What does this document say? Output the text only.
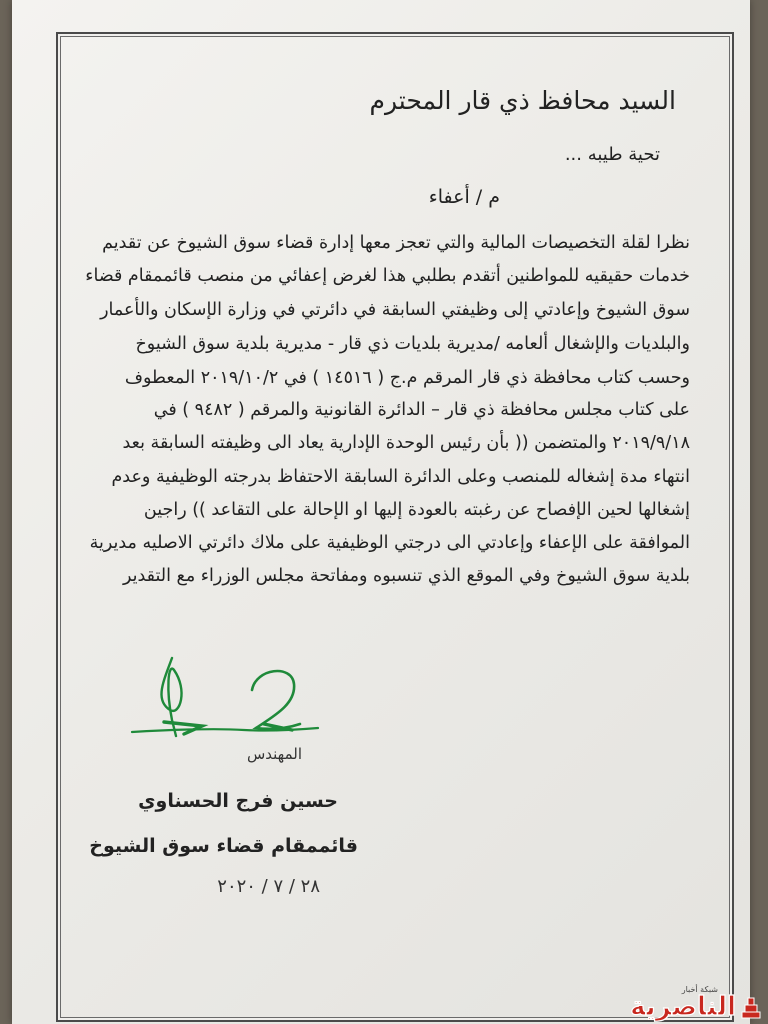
السيد محافظ ذي قار المحترم
تحية طيبه ...
م / أعفاء
نظرا لقلة التخصيصات المالية والتي تعجز معها إدارة قضاء سوق الشيوخ عن تقديم
خدمات حقيقيه للمواطنين أتقدم بطلبي هذا لغرض إعفائي من منصب قائممقام قضاء
سوق الشيوخ وإعادتي إلى وظيفتي السابقة في دائرتي في وزارة الإسكان والأعمار
والبلديات والإشغال ألعامه /مديرية بلديات ذي قار - مديرية بلدية سوق الشيوخ
وحسب كتاب محافظة ذي قار المرقم م.ج ( ١٤٥١٦ ) في ٢٠١٩/١٠/٢ المعطوف
على كتاب مجلس محافظة ذي قار – الدائرة القانونية والمرقم ( ٩٤٨٢ ) في
٢٠١٩/٩/١٨ والمتضمن (( بأن رئيس الوحدة الإدارية يعاد الى وظيفته السابقة بعد
انتهاء مدة إشغاله للمنصب وعلى الدائرة السابقة الاحتفاظ بدرجته الوظيفية وعدم
إشغالها لحين الإفصاح عن رغبته بالعودة إليها او الإحالة على التقاعد )) راجين
الموافقة على الإعفاء وإعادتي الى درجتي الوظيفية على ملاك دائرتي الاصليه مديرية
بلدية سوق الشيوخ وفي الموقع الذي تنسبوه ومفاتحة مجلس الوزراء مع التقدير
المهندس
حسين فرج الحسناوي
قائممقام قضاء سوق الشيوخ
٢٨ / ٧ / ٢٠٢٠
شبكة أخبار
الناصرية
